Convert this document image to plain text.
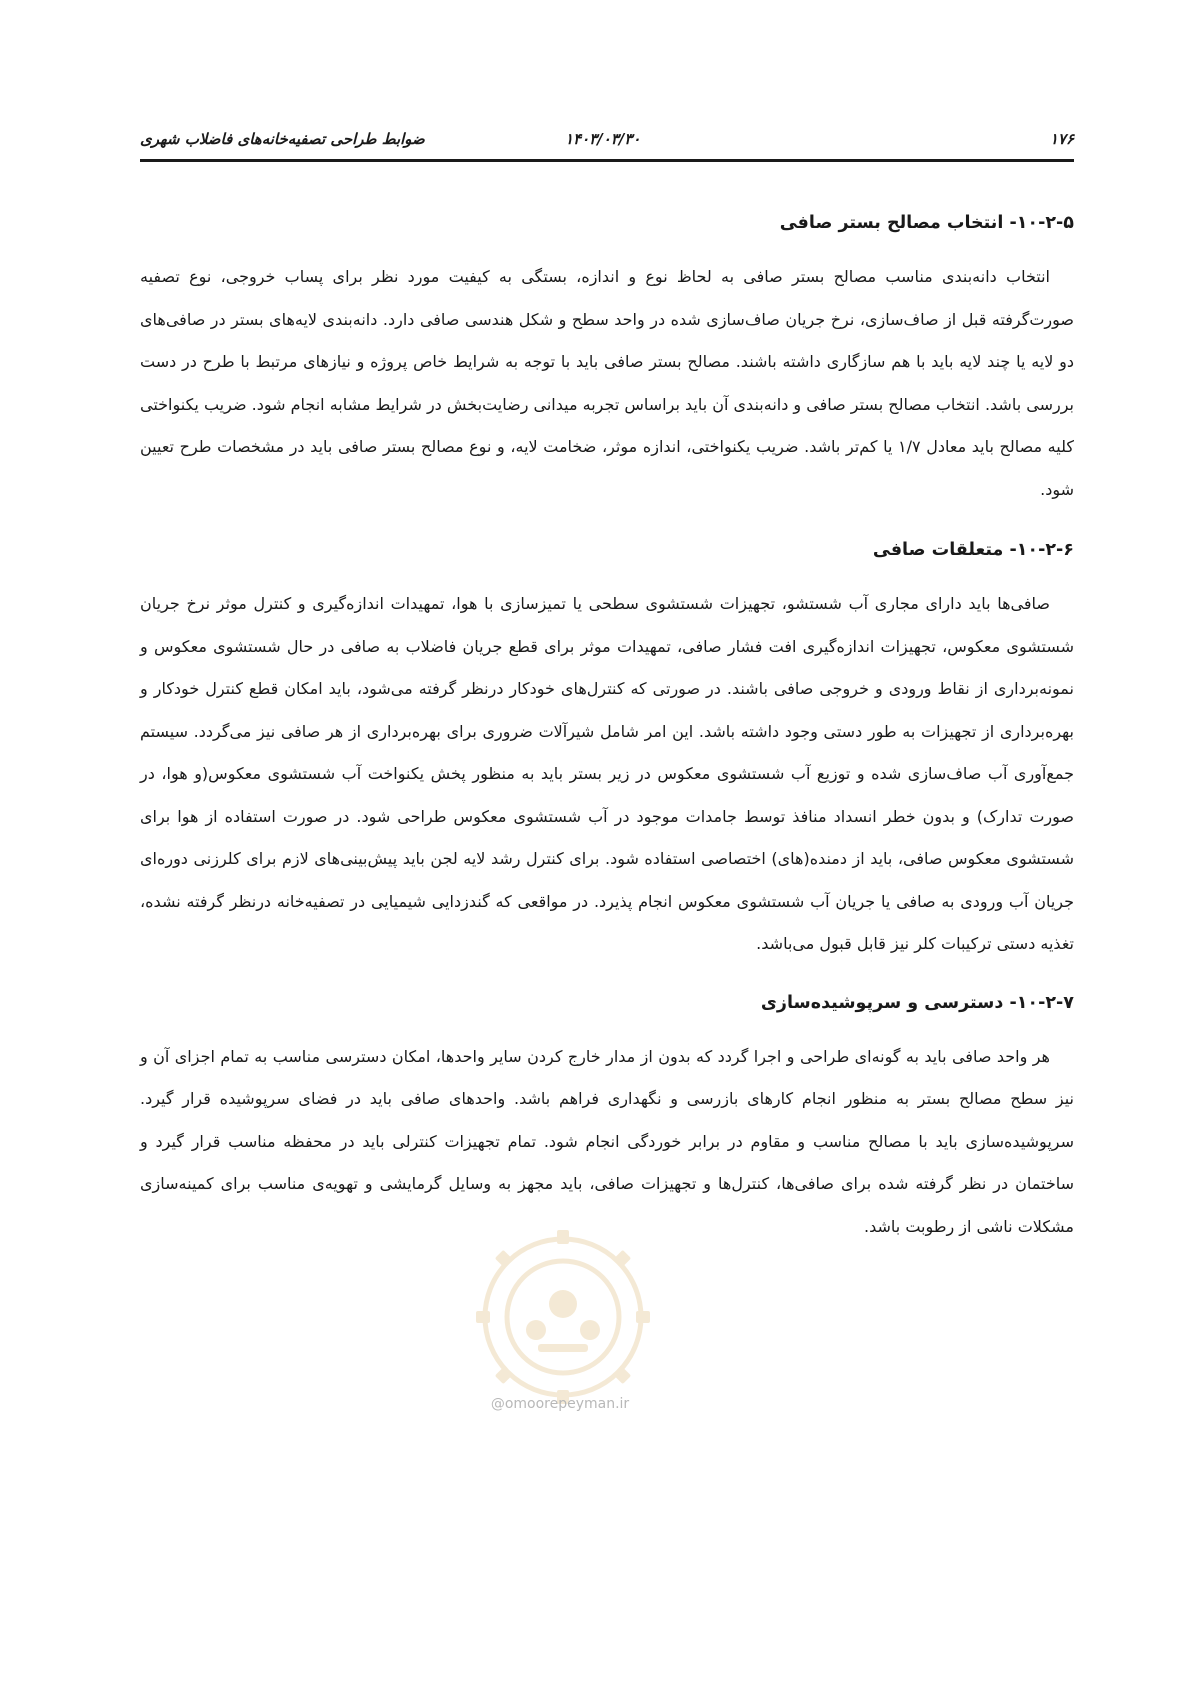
ضوابط طراحی تصفیه‌خانه‌های فاضلاب شهری	۱۴۰۳/۰۳/۳۰	۱۷۶
۱۰-۲-۵- انتخاب مصالح بستر صافی

انتخاب دانه‌بندی مناسب مصالح بستر صافی به لحاظ نوع و اندازه، بستگی به کیفیت مورد نظر برای پساب خروجی، نوع تصفیه صورت‌گرفته قبل از صاف‌سازی، نرخ جریان صاف‌سازی شده در واحد سطح و شکل هندسی صافی دارد. دانه‌بندی لایه‌های بستر در صافی‌های دو لایه یا چند لایه باید با هم سازگاری داشته باشند. مصالح بستر صافی باید با توجه به شرایط خاص پروژه و نیازهای مرتبط با طرح در دست بررسی باشد. انتخاب مصالح بستر صافی و دانه‌بندی آن باید براساس تجربه میدانی رضایت‌بخش در شرایط مشابه انجام شود. ضریب یکنواختی کلیه مصالح باید معادل ۱/۷ یا کم‌تر باشد. ضریب یکنواختی، اندازه موثر، ضخامت لایه، و نوع مصالح بستر صافی باید در مشخصات طرح تعیین شود.

۱۰-۲-۶- متعلقات صافی

صافی‌ها باید دارای مجاری آب شستشو، تجهیزات شستشوی سطحی یا تمیزسازی با هوا، تمهیدات اندازه‌گیری و کنترل موثر نرخ جریان شستشوی معکوس، تجهیزات اندازه‌گیری افت فشار صافی، تمهیدات موثر برای قطع جریان فاضلاب به صافی در حال شستشوی معکوس و نمونه‌برداری از نقاط ورودی و خروجی صافی باشند. در صورتی که کنترل‌های خودکار درنظر گرفته می‌شود، باید امکان قطع کنترل خودکار و بهره‌برداری از تجهیزات به طور دستی وجود داشته باشد. این امر شامل شیرآلات ضروری برای بهره‌برداری از هر صافی نیز می‌گردد. سیستم جمع‌آوری آب صاف‌سازی شده و توزیع آب شستشوی معکوس در زیر بستر باید به منظور پخش یکنواخت آب شستشوی معکوس(و هوا، در صورت تدارک) و بدون خطر انسداد منافذ توسط جامدات موجود در آب شستشوی معکوس طراحی شود. در صورت استفاده از هوا برای شستشوی معکوس صافی، باید از دمنده(های) اختصاصی استفاده شود. برای کنترل رشد لایه لجن باید پیش‌بینی‌های لازم برای کلرزنی دوره‌ای جریان آب ورودی به صافی یا جریان آب شستشوی معکوس انجام پذیرد. در مواقعی که گندزدایی شیمیایی در تصفیه‌خانه درنظر گرفته نشده، تغذیه دستی ترکیبات کلر نیز قابل قبول می‌باشد.

۱۰-۲-۷- دسترسی و سرپوشیده‌سازی

هر واحد صافی باید به گونه‌ای طراحی و اجرا گردد که بدون از مدار خارج کردن سایر واحدها، امکان دسترسی مناسب به تمام اجزای آن و نیز سطح مصالح بستر به منظور انجام کارهای بازرسی و نگهداری فراهم باشد. واحدهای صافی باید در فضای سرپوشیده قرار گیرد. سرپوشیده‌سازی باید با مصالح مناسب و مقاوم در برابر خوردگی انجام شود. تمام تجهیزات کنترلی باید در محفظه مناسب قرار گیرد و ساختمان در نظر گرفته شده برای صافی‌ها، کنترل‌ها و تجهیزات صافی، باید مجهز به وسایل گرمایشی و تهویه‌ی مناسب برای کمینه‌سازی مشکلات ناشی از رطوبت باشد.

@omoorepeyman.ir
